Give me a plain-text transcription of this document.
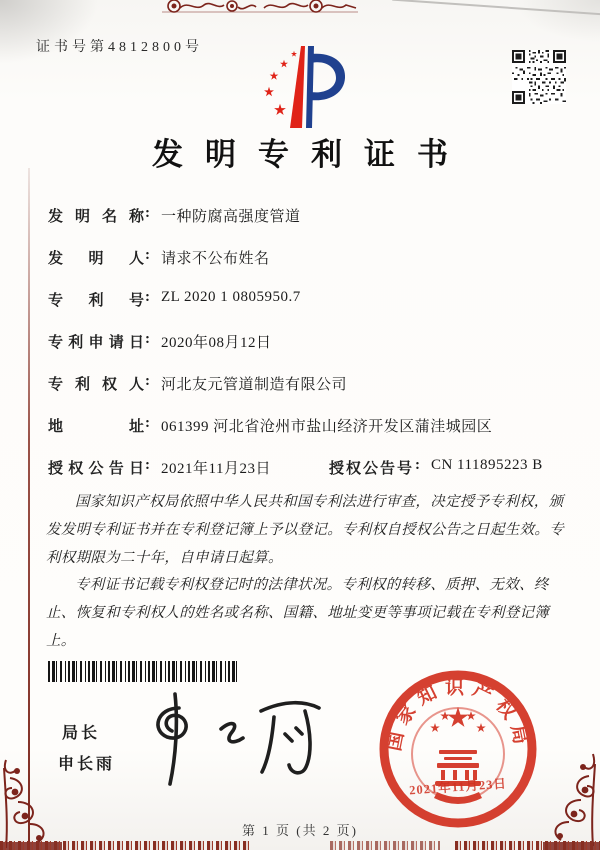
证书号第4812800号
发明专利证书
发明名称 : 一种防腐高强度管道
发明人 : 请求不公布姓名
专利号 : ZL 2020 1 0805950.7
专利申请日 : 2020年08月12日
专利权人 : 河北友元管道制造有限公司
地址 : 061399 河北省沧州市盐山经济开发区蒲洼城园区
授权公告日 : 2021年11月23日	授权公告号 : CN 111895223 B

国家知识产权局依照中华人民共和国专利法进行审查，决定授予专利权，颁发发明专利证书并在专利登记簿上予以登记。专利权自授权公告之日起生效。专利权期限为二十年，自申请日起算。

专利证书记载专利权登记时的法律状况。专利权的转移、质押、无效、终止、恢复和专利权人的姓名或名称、国籍、地址变更等事项记载在专利登记簿上。

局长
申长雨
国家知识产权局
2021年11月23日
第 1 页 (共 2 页)
